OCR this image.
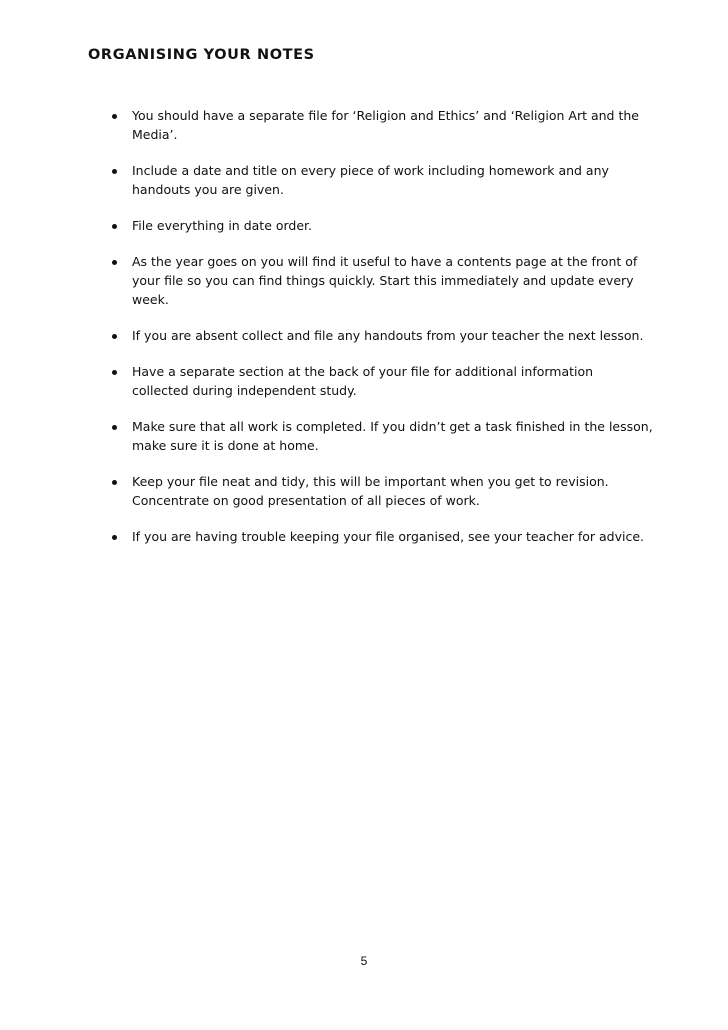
ORGANISING YOUR NOTES
You should have a separate file for ‘Religion and Ethics’ and ‘Religion Art and the Media’.
Include a date and title on every piece of work including homework and any handouts you are given.
File everything in date order.
As the year goes on you will find it useful to have a contents page at the front of your file so you can find things quickly. Start this immediately and update every week.
If you are absent collect and file any handouts from your teacher the next lesson.
Have a separate section at the back of your file for additional information collected during independent study.
Make sure that all work is completed. If you didn’t get a task finished in the lesson, make sure it is done at home.
Keep your file neat and tidy, this will be important when you get to revision. Concentrate on good presentation of all pieces of work.
If you are having trouble keeping your file organised, see your teacher for advice.
5
